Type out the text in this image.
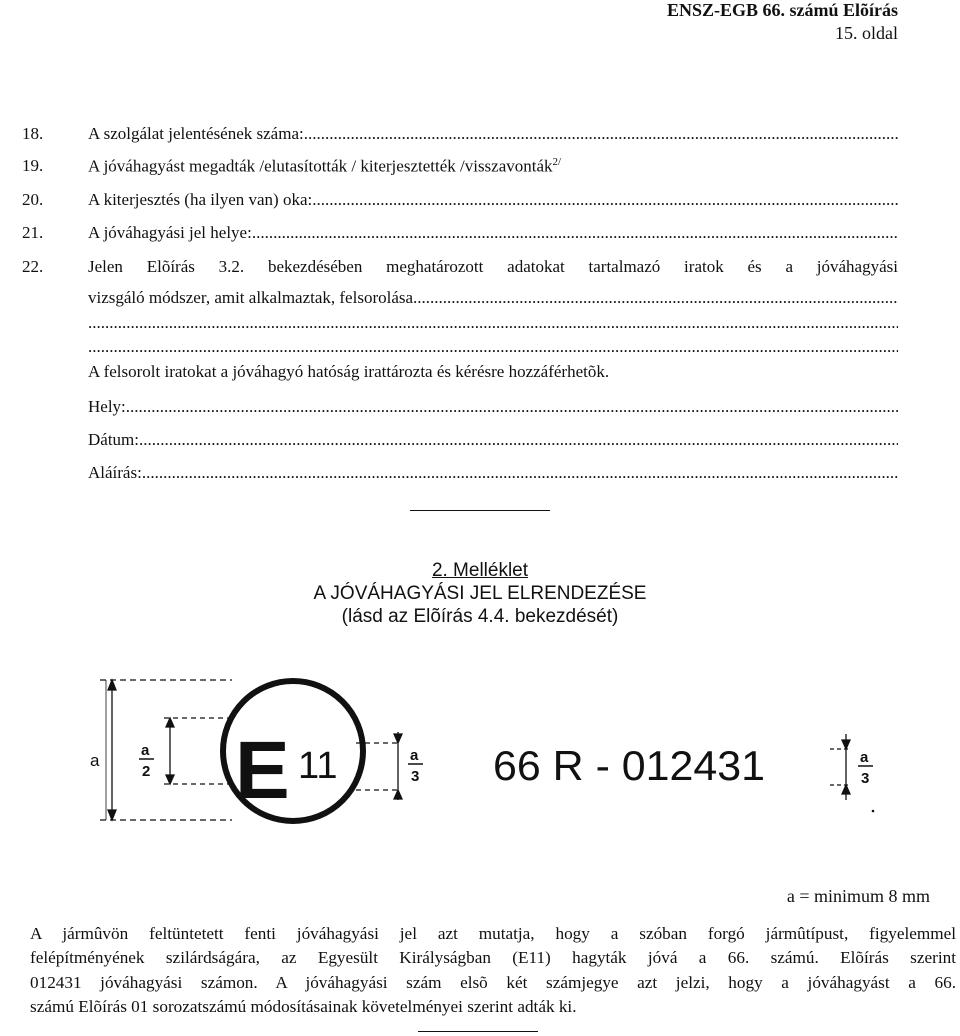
ENSZ-EGB 66. számú Elõírás
15. oldal
18.	A szolgálat jelentésének száma:
.....
19.	A jóváhagyást megadták /elutasították / kiterjesztették /visszavonták$^{2/}$
20.	A kiterjesztés (ha ilyen van) oka:
.....
21.	A jóváhagyási jel helye:
.....
22.	Jelen Elõírás 3.2. bekezdésében meghatározott adatokat tartalmazó iratok és a jóváhagyási
vizsgáló módszer, amit alkalmaztak, felsorolása
.....
.....
.....
A felsorolt iratokat a jóváhagyó hatóság irattározta és kérésre hozzáférhetõk.
Hely:
.....
Dátum:
.....
Aláírás:
.....
2. Melléklet
A JÓVÁHAGYÁSI JEL ELRENDEZÉSE
(lásd az Elõírás 4.4. bekezdését)
E 11	66 R - 012431
a
a
2
a
3
a
3
a = minimum 8 mm
A jármûvön feltüntetett fenti jóváhagyási jel azt mutatja, hogy a szóban forgó jármûtípust, figyelemmel
felépítményének szilárdságára, az Egyesült Királyságban (E11) hagyták jóvá a 66. számú. Elõírás szerint
012431 jóváhagyási számon. A jóváhagyási szám elsõ két számjegye azt jelzi, hogy a jóváhagyást a 66.
számú Elõírás 01 sorozatszámú módosításainak követelményei szerint adták ki.
